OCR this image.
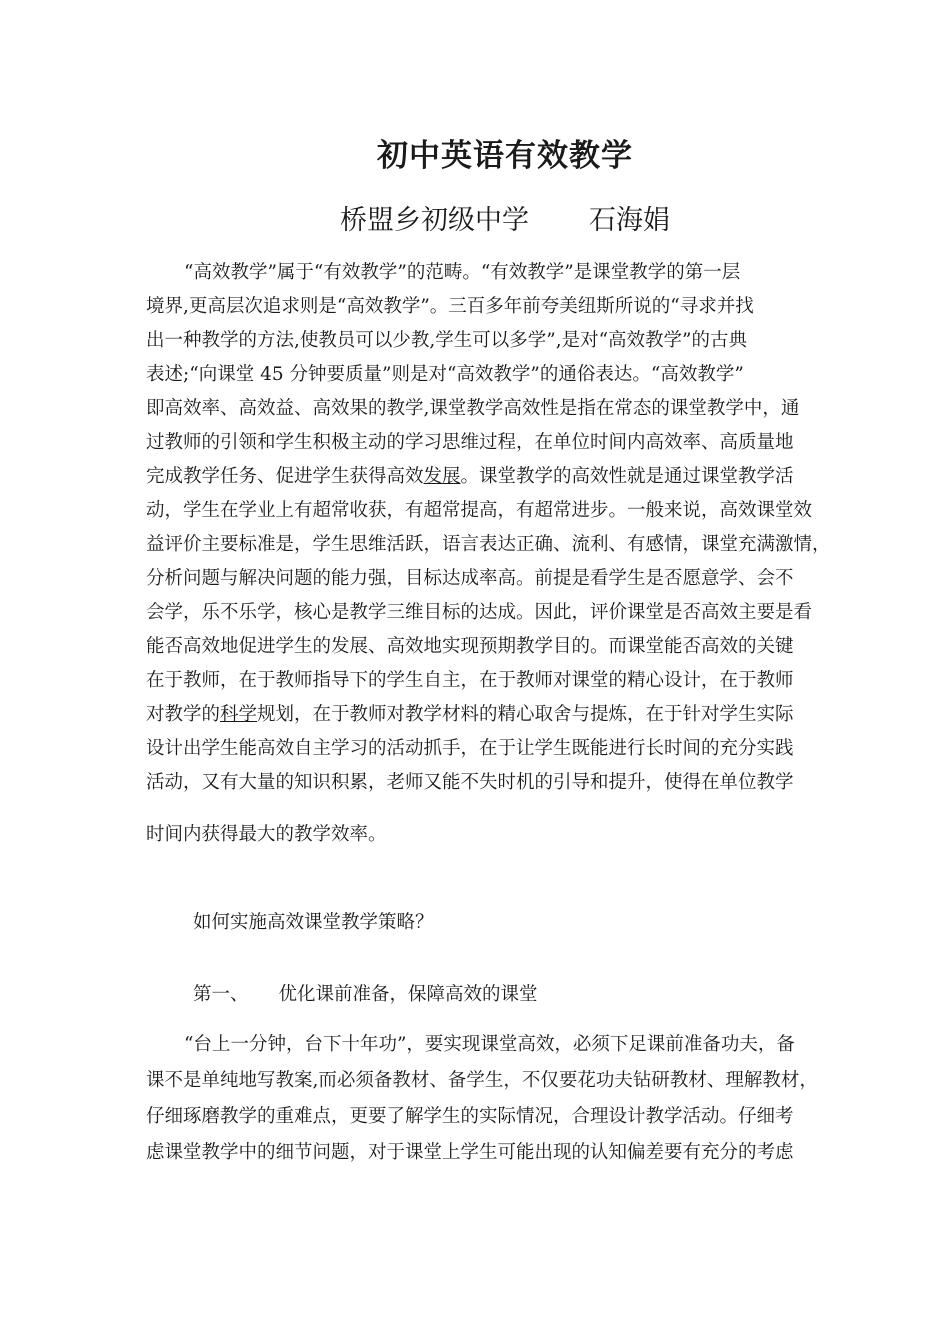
初中英语有效教学
桥盟乡初级中学 石海娟
“高效教学”属于“有效教学”的范畴。“有效教学”是课堂教学的第一层
境界,更高层次追求则是“高效教学”。三百多年前夸美纽斯所说的“寻求并找
出一种教学的方法,使教员可以少教,学生可以多学”,是对“高效教学”的古典
表述;“向课堂 45 分钟要质量”则是对“高效教学”的通俗表达。“高效教学”
即高效率、高效益、高效果的教学,课堂教学高效性是指在常态的课堂教学中，通
过教师的引领和学生积极主动的学习思维过程，在单位时间内高效率、高质量地
完成教学任务、促进学生获得高效发展。课堂教学的高效性就是通过课堂教学活
动，学生在学业上有超常收获，有超常提高，有超常进步。一般来说，高效课堂效
益评价主要标准是，学生思维活跃，语言表达正确、流利、有感情，课堂充满激情，
分析问题与解决问题的能力强，目标达成率高。前提是看学生是否愿意学、会不
会学，乐不乐学，核心是教学三维目标的达成。因此，评价课堂是否高效主要是看
能否高效地促进学生的发展、高效地实现预期教学目的。而课堂能否高效的关键
在于教师，在于教师指导下的学生自主，在于教师对课堂的精心设计，在于教师
对教学的科学规划，在于教师对教学材料的精心取舍与提炼，在于针对学生实际
设计出学生能高效自主学习的活动抓手，在于让学生既能进行长时间的充分实践
活动，又有大量的知识积累，老师又能不失时机的引导和提升，使得在单位教学
时间内获得最大的教学效率。
如何实施高效课堂教学策略？
第一、 优化课前准备，保障高效的课堂
“台上一分钟，台下十年功”，要实现课堂高效，必须下足课前准备功夫，备
课不是单纯地写教案,而必须备教材、备学生，不仅要花功夫钻研教材、理解教材，
仔细琢磨教学的重难点，更要了解学生的实际情况，合理设计教学活动。仔细考
虑课堂教学中的细节问题，对于课堂上学生可能出现的认知偏差要有充分的考虑
